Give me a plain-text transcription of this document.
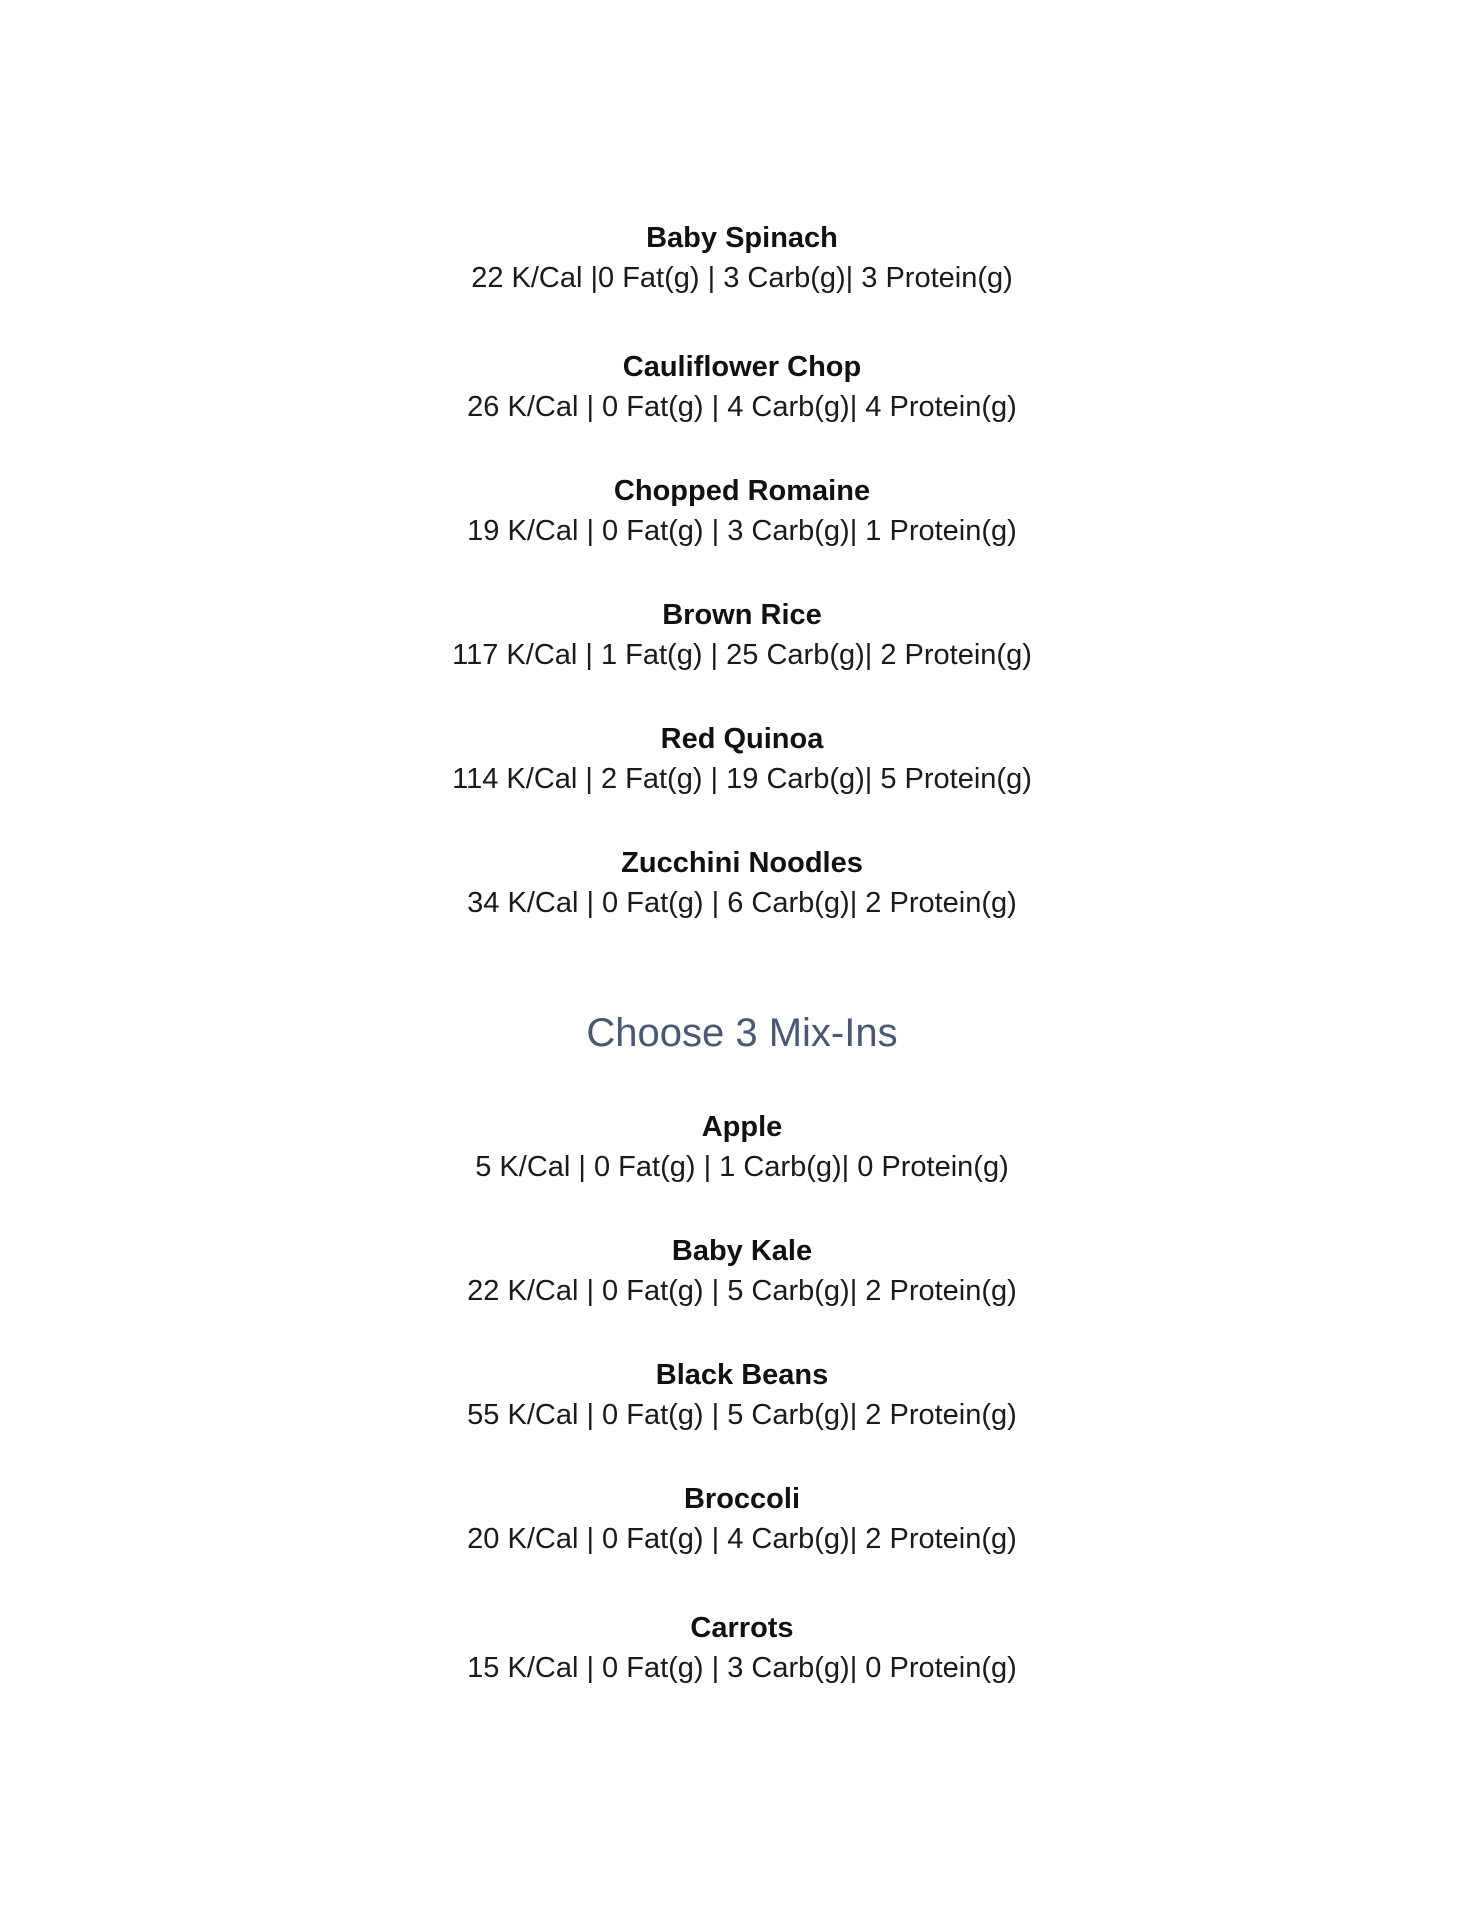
Baby Spinach
22 K/Cal |0 Fat(g) | 3 Carb(g)| 3 Protein(g)
Cauliflower Chop
26 K/Cal | 0 Fat(g) | 4 Carb(g)| 4 Protein(g)
Chopped Romaine
19 K/Cal | 0 Fat(g) | 3 Carb(g)| 1 Protein(g)
Brown Rice
117 K/Cal | 1 Fat(g) | 25 Carb(g)| 2 Protein(g)
Red Quinoa
114 K/Cal | 2 Fat(g) | 19 Carb(g)| 5 Protein(g)
Zucchini Noodles
34 K/Cal | 0 Fat(g) | 6 Carb(g)| 2 Protein(g)
Choose 3 Mix-Ins
Apple
5 K/Cal | 0 Fat(g) | 1 Carb(g)| 0 Protein(g)
Baby Kale
22 K/Cal | 0 Fat(g) | 5 Carb(g)| 2 Protein(g)
Black Beans
55 K/Cal | 0 Fat(g) | 5 Carb(g)| 2 Protein(g)
Broccoli
20 K/Cal | 0 Fat(g) | 4 Carb(g)| 2 Protein(g)
Carrots
15 K/Cal | 0 Fat(g) | 3 Carb(g)| 0 Protein(g)
